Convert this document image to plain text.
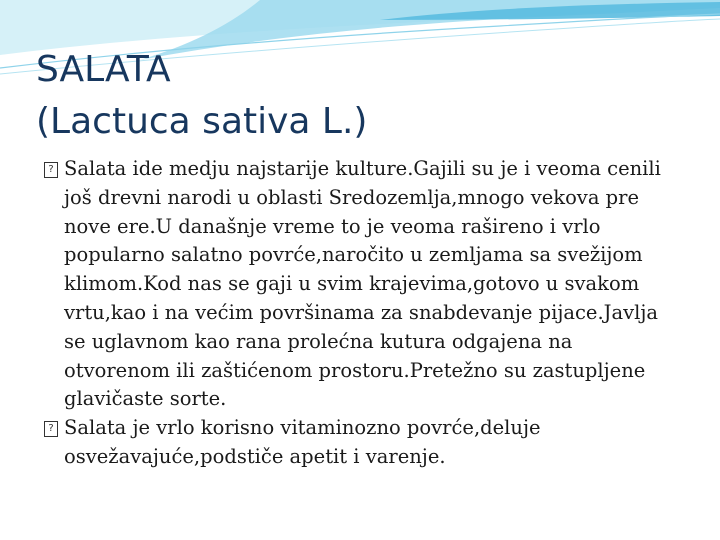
SALATA
(Lactuca sativa L.)

? Salata ide medju najstarije kulture.Gajili su je i veoma cenili još drevni narodi u oblasti Sredozemlja,mnogo vekova pre nove ere.U današnje vreme to je veoma rašireno i vrlo popularno salatno povrće,naročito u zemljama sa svežijom klimom.Kod nas se gaji u svim krajevima,gotovo u svakom vrtu,kao i na većim površinama za snabdevanje pijace.Javlja se uglavnom kao rana prolećna kutura odgajena na otvorenom ili zaštićenom prostoru.Pretežno su zastupljene glavičaste sorte.

? Salata je vrlo korisno vitaminozno povrće,deluje osvežavajuće,podstiče apetit i varenje.
